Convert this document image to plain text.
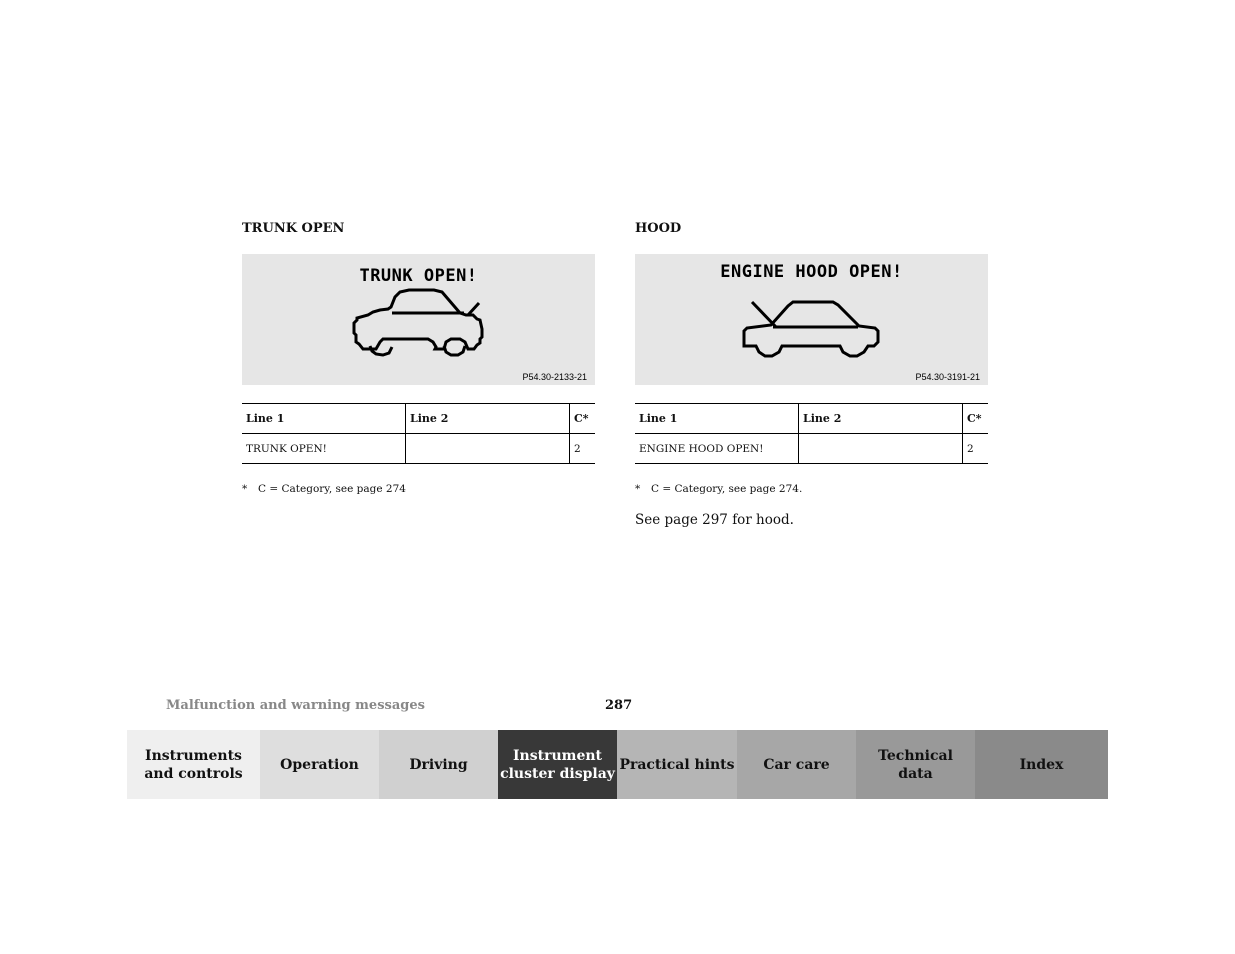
TRUNK OPEN
TRUNK OPEN!
P54.30-2133-21
Line 1	Line 2	C*
TRUNK OPEN!		2
* C = Category, see page 274
HOOD
ENGINE HOOD OPEN!
P54.30-3191-21
Line 1	Line 2	C*
ENGINE HOOD OPEN!		2
* C = Category, see page 274.
See page 297 for hood.
Malfunction and warning messages	287
Instruments
and controls
Operation	Driving
Instrument
cluster display
Practical hints	Car care
Technical
data
Index
